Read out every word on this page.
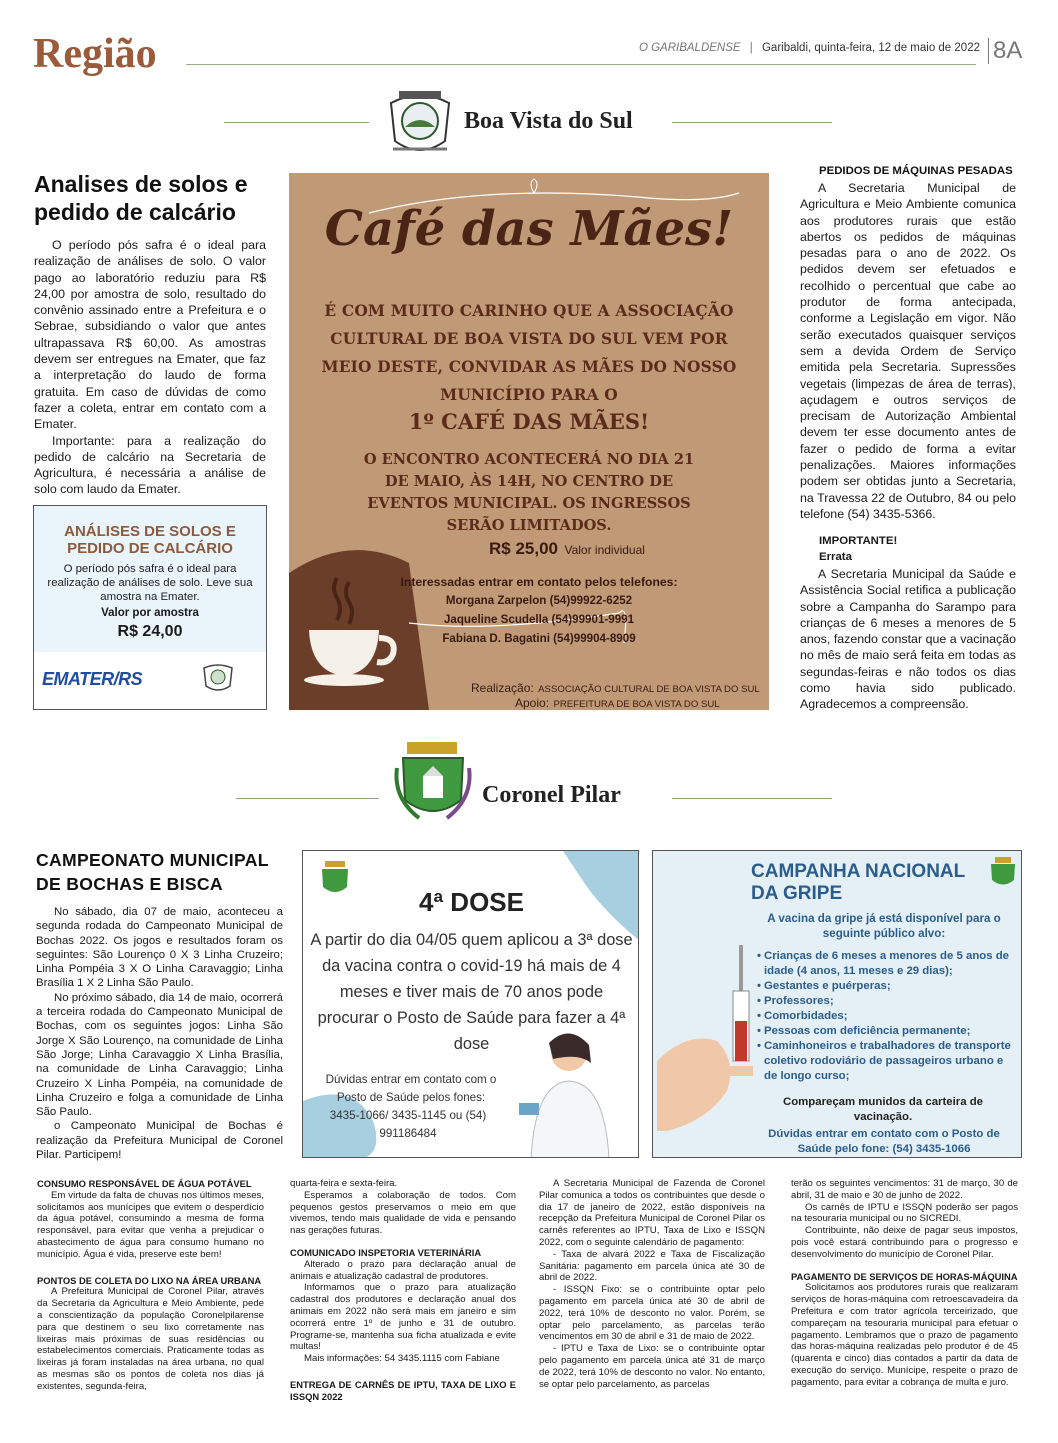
Região	O GARIBALDENSE | Garibaldi, quinta-feira, 12 de maio de 2022 8A
Boa Vista do Sul
Analises de solos e pedido de calcário
O período pós safra é o ideal para realização de análises de solo. O valor pago ao laboratório reduziu para R$ 24,00 por amostra de solo, resultado do convênio assinado entre a Prefeitura e o Sebrae, subsidiando o valor que antes ultrapassava R$ 60,00. As amostras devem ser entregues na Emater, que faz a interpretação do laudo de forma gratuita. Em caso de dúvidas de como fazer a coleta, entrar em contato com a Emater.
Importante: para a realização do pedido de calcário na Secretaria de Agricultura, é necessária a análise de solo com laudo da Emater.
ANÁLISES DE SOLOS E PEDIDO DE CALCÁRIO
O período pós safra é o ideal para realização de análises de solo. Leve sua amostra na Emater.
Valor por amostra
R$ 24,00
EMATER/RS
Café das Mães!
É COM MUITO CARINHO QUE A ASSOCIAÇÃO CULTURAL DE BOA VISTA DO SUL VEM POR MEIO DESTE, CONVIDAR AS MÃES DO NOSSO MUNICÍPIO PARA O
1º CAFÉ DAS MÃES!
O ENCONTRO ACONTECERÁ NO DIA 21 DE MAIO, ÀS 14H, NO CENTRO DE EVENTOS MUNICIPAL. OS INGRESSOS SERÃO LIMITADOS.
R$ 25,00 Valor individual
Interessadas entrar em contato pelos telefones:
Morgana Zarpelon (54)99922-6252
Jaqueline Scudella (54)99901-9991
Fabiana D. Bagatini (54)99904-8909
Realização: ASSOCIAÇÃO CULTURAL DE BOA VISTA DO SUL
Apoio: PREFEITURA DE BOA VISTA DO SUL
PEDIDOS DE MÁQUINAS PESADAS
A Secretaria Municipal de Agricultura e Meio Ambiente comunica aos produtores rurais que estão abertos os pedidos de máquinas pesadas para o ano de 2022. Os pedidos devem ser efetuados e recolhido o percentual que cabe ao produtor de forma antecipada, conforme a Legislação em vigor. Não serão executados quaisquer serviços sem a devida Ordem de Serviço emitida pela Secretaria. Supressões vegetais (limpezas de área de terras), açudagem e outros serviços de precisam de Autorização Ambiental devem ter esse documento antes de fazer o pedido de forma a evitar penalizações. Maiores informações podem ser obtidas junto a Secretaria, na Travessa 22 de Outubro, 84 ou pelo telefone (54) 3435-5366.
IMPORTANTE!
Errata
A Secretaria Municipal da Saúde e Assistência Social retifica a publicação sobre a Campanha do Sarampo para crianças de 6 meses a menores de 5 anos, fazendo constar que a vacinação no mês de maio será feita em todas as segundas-feiras e não todos os dias como havia sido publicado. Agradecemos a compreensão.
Coronel Pilar
CAMPEONATO MUNICIPAL DE BOCHAS E BISCA
No sábado, dia 07 de maio, aconteceu a segunda rodada do Campeonato Municipal de Bochas 2022. Os jogos e resultados foram os seguintes: São Lourenço 0 X 3 Linha Cruzeiro; Linha Pompéia 3 X O Linha Caravaggio; Linha Brasília 1 X 2 Linha São Paulo.
No próximo sábado, dia 14 de maio, ocorrerá a terceira rodada do Campeonato Municipal de Bochas, com os seguintes jogos: Linha São Jorge X São Lourenço, na comunidade de Linha São Jorge; Linha Caravaggio X Linha Brasília, na comunidade de Linha Caravaggio; Linha Cruzeiro X Linha Pompéia, na comunidade de Linha Cruzeiro e folga a comunidade de Linha São Paulo.
o Campeonato Municipal de Bochas é realização da Prefeitura Municipal de Coronel Pilar. Participem!
4ª DOSE
A partir do dia 04/05 quem aplicou a 3ª dose da vacina contra o covid-19 há mais de 4 meses e tiver mais de 70 anos pode procurar o Posto de Saúde para fazer a 4ª dose
Dúvidas entrar em contato com o Posto de Saúde pelos fones:
3435-1066/ 3435-1145 ou (54) 991186484
CAMPANHA NACIONAL DA GRIPE
A vacina da gripe já está disponível para o seguinte público alvo:
• Crianças de 6 meses a menores de 5 anos de idade (4 anos, 11 meses e 29 dias);
• Gestantes e puérperas;
• Professores;
• Comorbidades;
• Pessoas com deficiência permanente;
• Caminhoneiros e trabalhadores de transporte coletivo rodoviário de passageiros urbano e de longo curso;
Compareçam munidos da carteira de vacinação.
Dúvidas entrar em contato com o Posto de Saúde pelo fone: (54) 3435-1066
CONSUMO RESPONSÁVEL DE ÁGUA POTÁVEL
Em virtude da falta de chuvas nos últimos meses, solicitamos aos munícipes que evitem o desperdício da água potável, consumindo a mesma de forma responsável, para evitar que venha a prejudicar o abastecimento de água para consumo humano no município. Água é vida, preserve este bem!
PONTOS DE COLETA DO LIXO NA ÁREA URBANA
A Prefeitura Municipal de Coronel Pilar, através da Secretaria da Agricultura e Meio Ambiente, pede a conscientização da população Coronelpilarense para que destinem o seu lixo corretamente nas lixeiras mais próximas de suas residências ou estabelecimentos comerciais. Praticamente todas as lixeiras já foram instaladas na área urbana, no qual as mesmas são os pontos de coleta nos dias já existentes, segunda-feira,
quarta-feira e sexta-feira.
Esperamos a colaboração de todos. Com pequenos gestos preservamos o meio em que vivemos, tendo mais qualidade de vida e pensando nas gerações futuras.
COMUNICADO INSPETORIA VETERINÁRIA
Alterado o prazo para declaração anual de animais e atualização cadastral de produtores.
Informamos que o prazo para atualização cadastral dos produtores e declaração anual dos animais em 2022 não será mais em janeiro e sim ocorrerá entre 1º de junho e 31 de outubro. Programe-se, mantenha sua ficha atualizada e evite multas!
Mais informações: 54 3435.1115 com Fabiane
ENTREGA DE CARNÊS DE IPTU, TAXA DE LIXO E ISSQN 2022
A Secretaria Municipal de Fazenda de Coronel Pilar comunica a todos os contribuintes que desde o dia 17 de janeiro de 2022, estão disponíveis na recepção da Prefeitura Municipal de Coronel Pilar os carnês referentes ao IPTU, Taxa de Lixo e ISSQN 2022, com o seguinte calendário de pagamento:
- Taxa de alvará 2022 e Taxa de Fiscalização Sanitária: pagamento em parcela única até 30 de abril de 2022.
- ISSQN Fixo: se o contribuinte optar pelo pagamento em parcela única até 30 de abril de 2022, terá 10% de desconto no valor. Porém, se optar pelo parcelamento, as parcelas terão vencimentos em 30 de abril e 31 de maio de 2022.
- IPTU e Taxa de Lixo: se o contribuinte optar pelo pagamento em parcela única até 31 de março de 2022, terá 10% de desconto no valor. No entanto, se optar pelo parcelamento, as parcelas
terão os seguintes vencimentos: 31 de março, 30 de abril, 31 de maio e 30 de junho de 2022.
Os carnês de IPTU e ISSQN poderão ser pagos na tesouraria municipal ou no SICREDI.
Contribuinte, não deixe de pagar seus impostos, pois você estará contribuindo para o progresso e desenvolvimento do município de Coronel Pilar.
PAGAMENTO DE SERVIÇOS DE HORAS-MÁQUINA
Solicitamos aos produtores rurais que realizaram serviços de horas-máquina com retroescavadeira da Prefeitura e com trator agrícola terceirizado, que compareçam na tesouraria municipal para efetuar o pagamento. Lembramos que o prazo de pagamento das horas-máquina realizadas pelo produtor é de 45 (quarenta e cinco) dias contados a partir da data de execução do serviço. Munícipe, respeite o prazo de pagamento, para evitar a cobrança de multa e juro.
